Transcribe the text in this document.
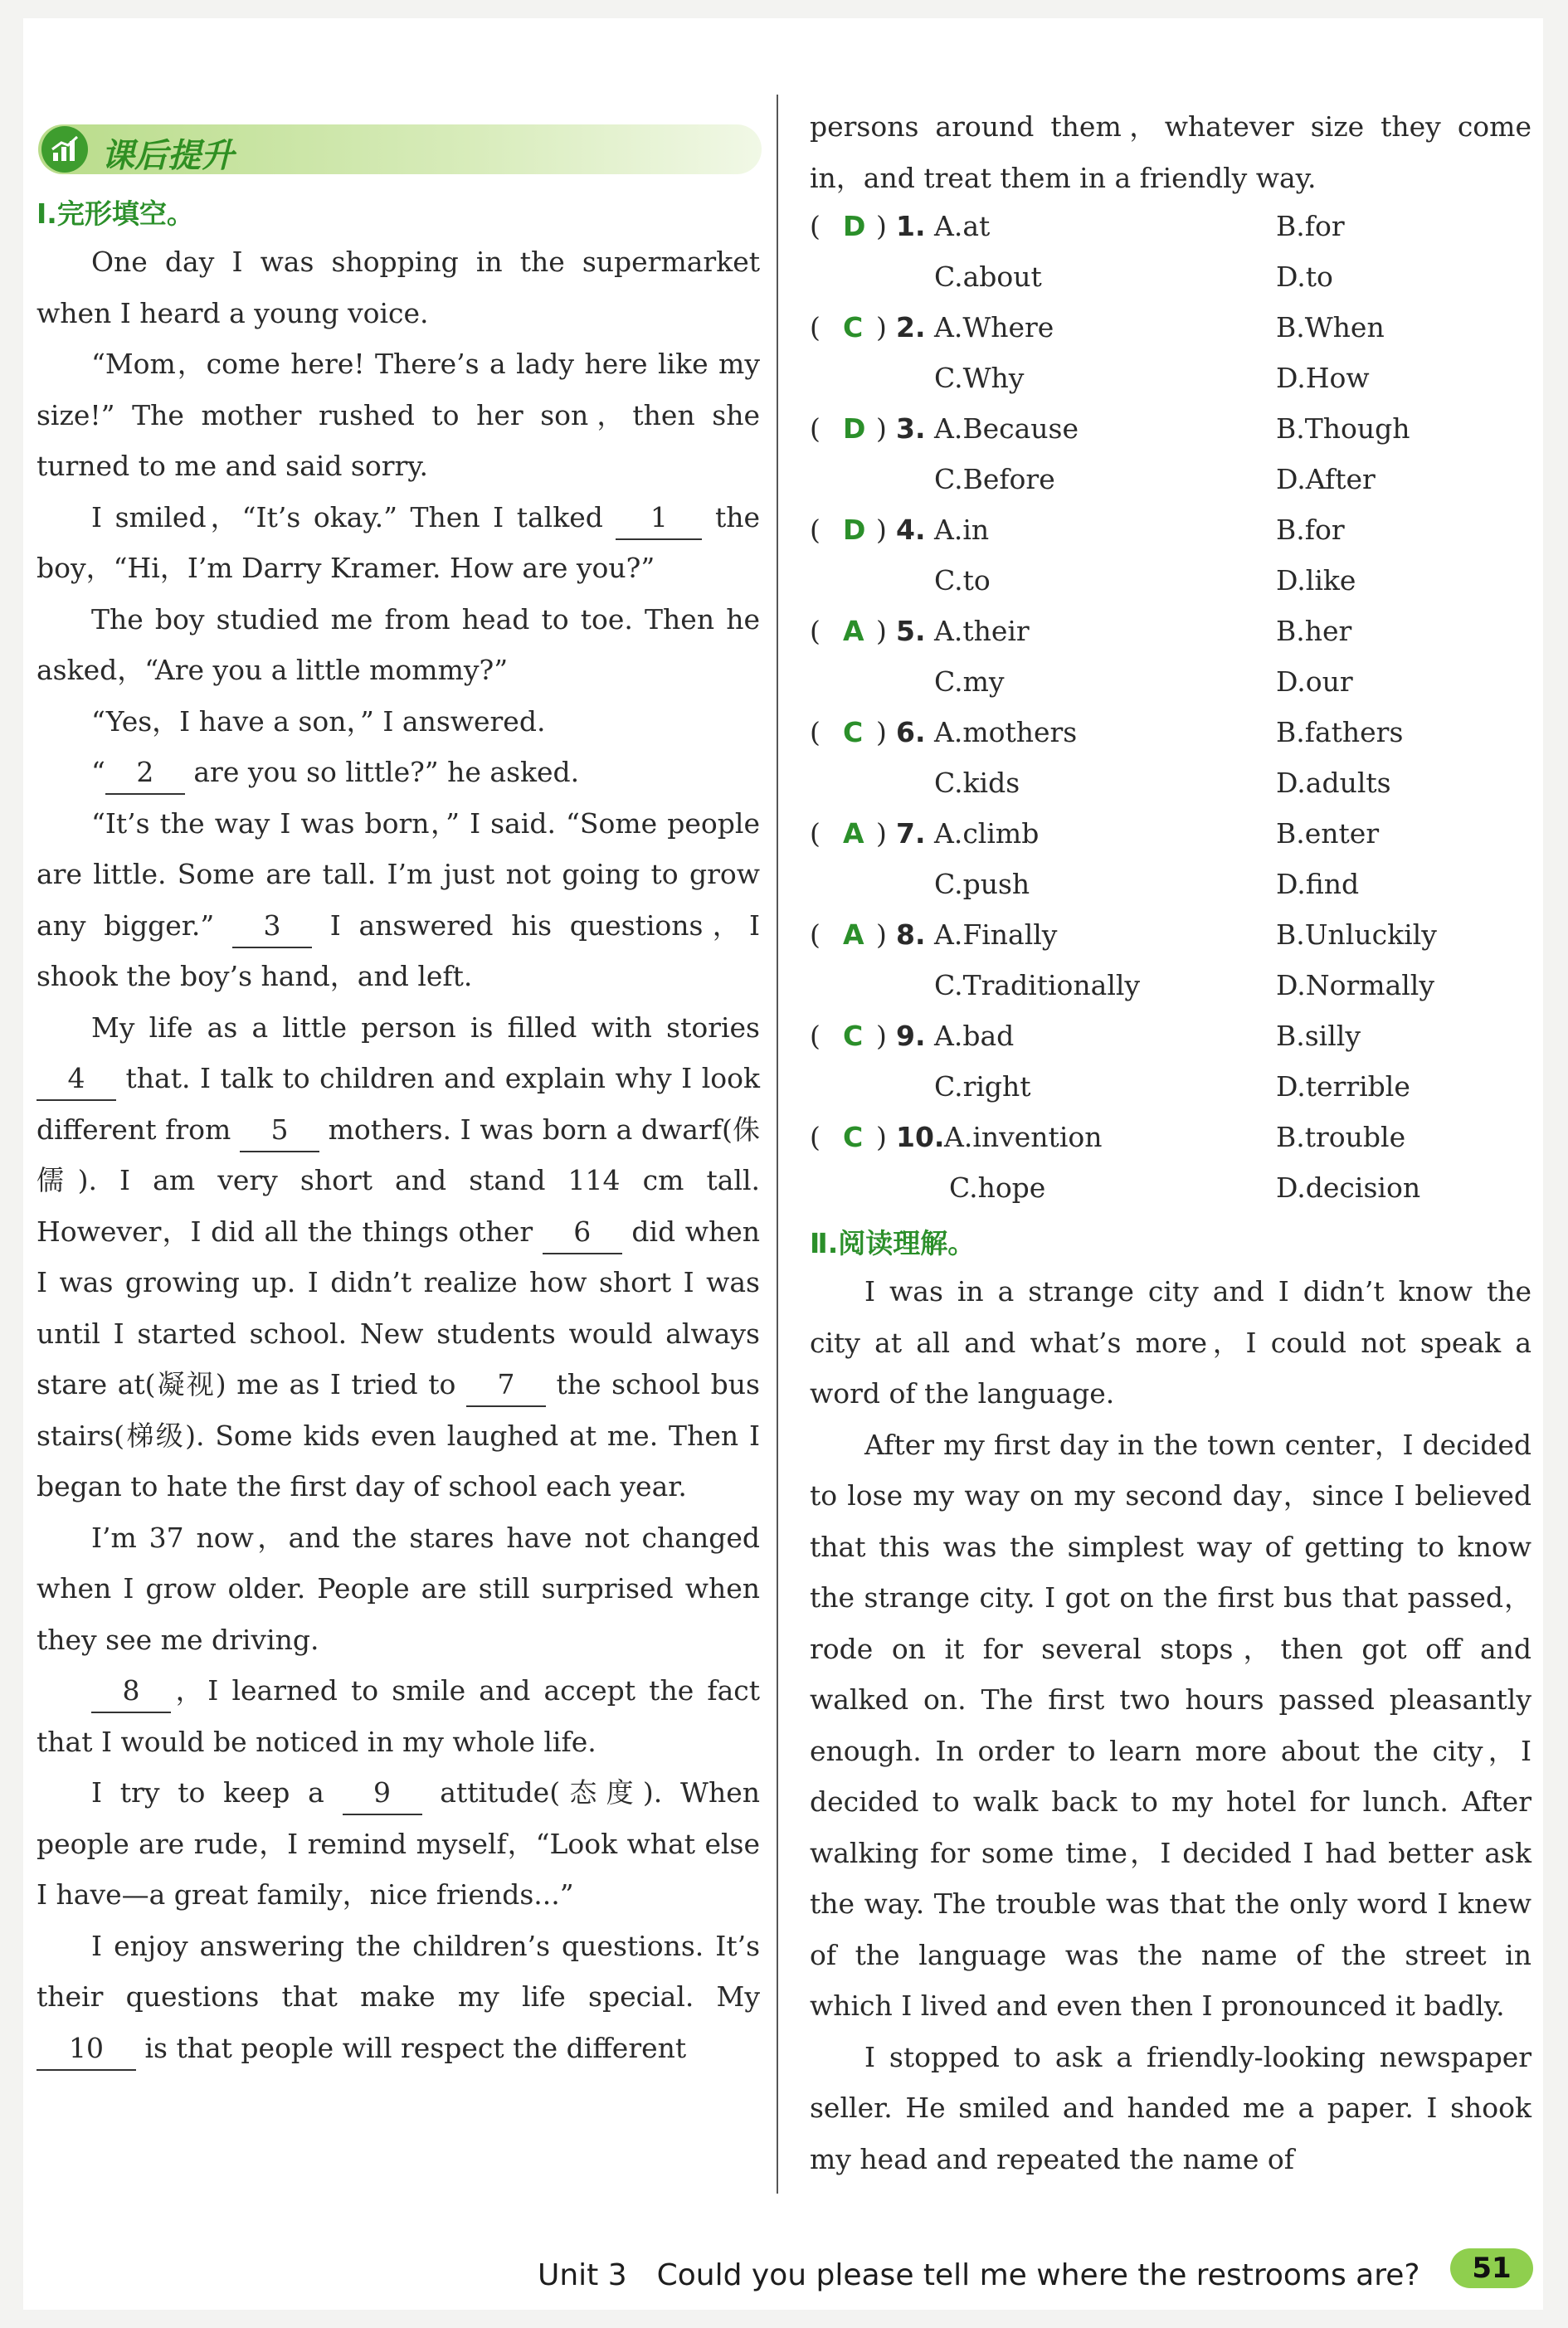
课后提升

Ⅰ.完形填空。

One day I was shopping in the supermarket when I heard a young voice.

“Mom，come here! There’s a lady here like my size!” The mother rushed to her son，then she turned to me and said sorry.

I smiled，“It’s okay.” Then I talked 1 the boy，“Hi，I’m Darry Kramer. How are you?”

The boy studied me from head to toe. Then he asked，“Are you a little mommy?”

“Yes，I have a son，” I answered.

“ 2 are you so little?” he asked.

“It’s the way I was born，” I said. “Some people are little. Some are tall. I’m just not going to grow any bigger.” 3 I answered his questions，I shook the boy’s hand，and left.

My life as a little person is filled with stories 4 that. I talk to children and explain why I look different from 5 mothers. I was born a dwarf(侏儒). I am very short and stand 114 cm tall. However，I did all the things other 6 did when I was growing up. I didn’t realize how short I was until I started school. New students would always stare at(凝视) me as I tried to 7 the school bus stairs(梯级). Some kids even laughed at me. Then I began to hate the first day of school each year.

I’m 37 now，and the stares have not changed when I grow older. People are still surprised when they see me driving.

8 ，I learned to smile and accept the fact that I would be noticed in my whole life.

I try to keep a 9 attitude(态度). When people are rude，I remind myself，“Look what else I have—a great family，nice friends...”

I enjoy answering the children’s questions. It’s their questions that make my life special. My 10 is that people will respect the different

persons around them，whatever size they come in，and treat them in a friendly way.

( D ) 1. A.at	B.for
C.about	D.to
( C ) 2. A.Where	B.When
C.Why	D.How
( D ) 3. A.Because	B.Though
C.Before	D.After
( D ) 4. A.in	B.for
C.to	D.like
( A ) 5. A.their	B.her
C.my	D.our
( C ) 6. A.mothers	B.fathers
C.kids	D.adults
( A ) 7. A.climb	B.enter
C.push	D.find
( A ) 8. A.Finally	B.Unluckily
C.Traditionally	D.Normally
( C ) 9. A.bad	B.silly
C.right	D.terrible
( C ) 10. A.invention	B.trouble
C.hope	D.decision

Ⅱ.阅读理解。

I was in a strange city and I didn’t know the city at all and what’s more，I could not speak a word of the language.

After my first day in the town center，I decided to lose my way on my second day，since I believed that this was the simplest way of getting to know the strange city. I got on the first bus that passed，rode on it for several stops，then got off and walked on. The first two hours passed pleasantly enough. In order to learn more about the city，I decided to walk back to my hotel for lunch. After walking for some time，I decided I had better ask the way. The trouble was that the only word I knew of the language was the name of the street in which I lived and even then I pronounced it badly.

I stopped to ask a friendly-looking newspaper seller. He smiled and handed me a paper. I shook my head and repeated the name of

Unit 3　Could you please tell me where the restrooms are?	51
